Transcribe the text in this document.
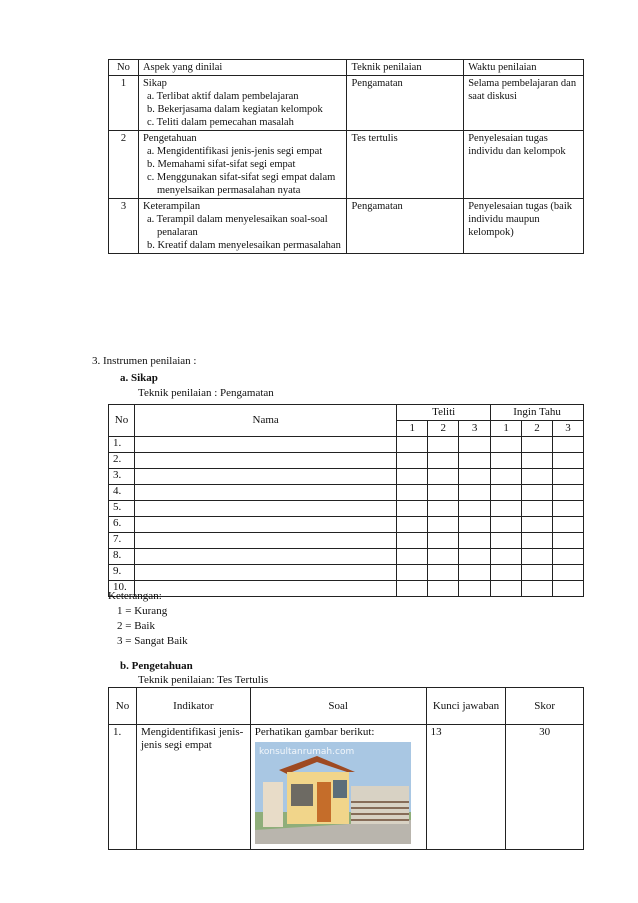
No	Aspek yang dinilai	Teknik penilaian	Waktu penilaian
1	Sikap
a. Terlibat aktif dalam pembelajaran
b. Bekerjasama dalam kegiatan kelompok
c. Teliti dalam pemecahan masalah	Pengamatan	Selama pembelajaran dan saat diskusi
2	Pengetahuan
a. Mengidentifikasi jenis-jenis segi empat
b. Memahami sifat-sifat segi empat
c. Menggunakan sifat-sifat segi empat dalam menyelsaikan permasalahan nyata	Tes tertulis	Penyelesaian tugas individu dan kelompok
3	Keterampilan
a. Terampil dalam menyelesaikan soal-soal penalaran
b. Kreatif dalam menyelesaikan permasalahan	Pengamatan	Penyelesaian tugas (baik individu maupun kelompok)
3. Instrumen penilaian :
a. Sikap
Teknik penilaian : Pengamatan
No	Nama	Teliti			Ingin Tahu		
		1	2	3	1	2	3
1.							
2.							
3.							
4.							
5.							
6.							
7.							
8.							
9.							
10.							
Keterangan:
1 = Kurang
2 = Baik
3 = Sangat Baik
b. Pengetahuan
Teknik penilaian: Tes Tertulis
No	Indikator	Soal	Kunci jawaban	Skor
1.	Mengidentifikasi jenis-jenis segi empat	Perhatikan gambar berikut:
konsultanrumah.com	13	30
